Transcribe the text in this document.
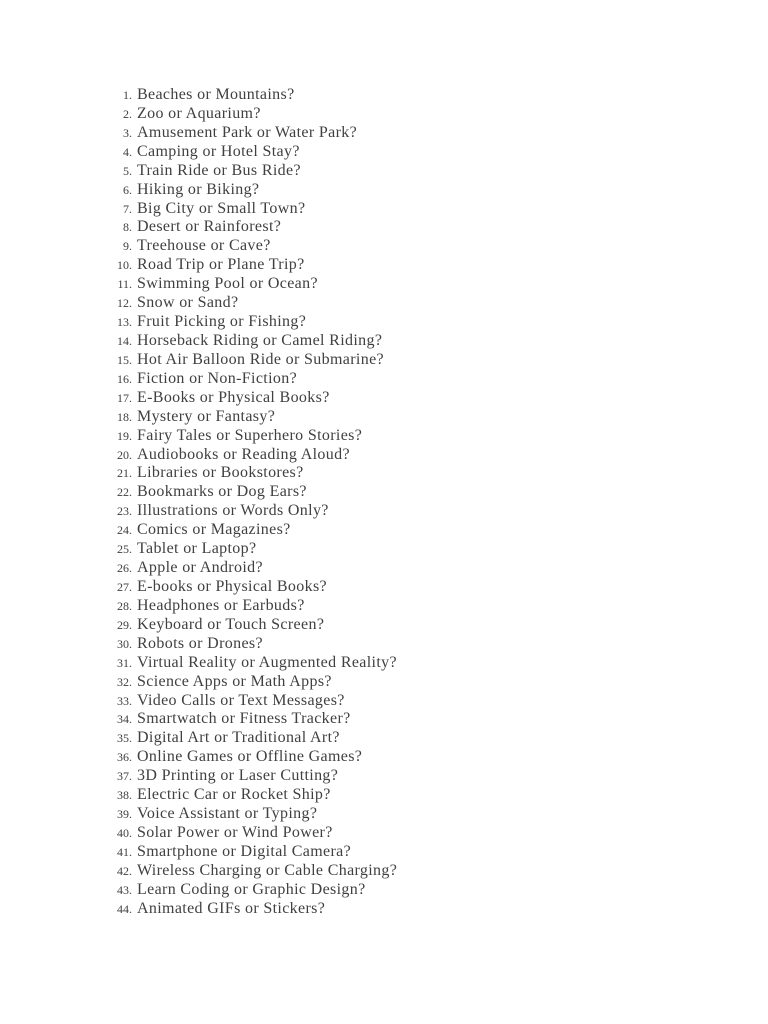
1. Beaches or Mountains?
2. Zoo or Aquarium?
3. Amusement Park or Water Park?
4. Camping or Hotel Stay?
5. Train Ride or Bus Ride?
6. Hiking or Biking?
7. Big City or Small Town?
8. Desert or Rainforest?
9. Treehouse or Cave?
10. Road Trip or Plane Trip?
11. Swimming Pool or Ocean?
12. Snow or Sand?
13. Fruit Picking or Fishing?
14. Horseback Riding or Camel Riding?
15. Hot Air Balloon Ride or Submarine?
16. Fiction or Non-Fiction?
17. E-Books or Physical Books?
18. Mystery or Fantasy?
19. Fairy Tales or Superhero Stories?
20. Audiobooks or Reading Aloud?
21. Libraries or Bookstores?
22. Bookmarks or Dog Ears?
23. Illustrations or Words Only?
24. Comics or Magazines?
25. Tablet or Laptop?
26. Apple or Android?
27. E-books or Physical Books?
28. Headphones or Earbuds?
29. Keyboard or Touch Screen?
30. Robots or Drones?
31. Virtual Reality or Augmented Reality?
32. Science Apps or Math Apps?
33. Video Calls or Text Messages?
34. Smartwatch or Fitness Tracker?
35. Digital Art or Traditional Art?
36. Online Games or Offline Games?
37. 3D Printing or Laser Cutting?
38. Electric Car or Rocket Ship?
39. Voice Assistant or Typing?
40. Solar Power or Wind Power?
41. Smartphone or Digital Camera?
42. Wireless Charging or Cable Charging?
43. Learn Coding or Graphic Design?
44. Animated GIFs or Stickers?
